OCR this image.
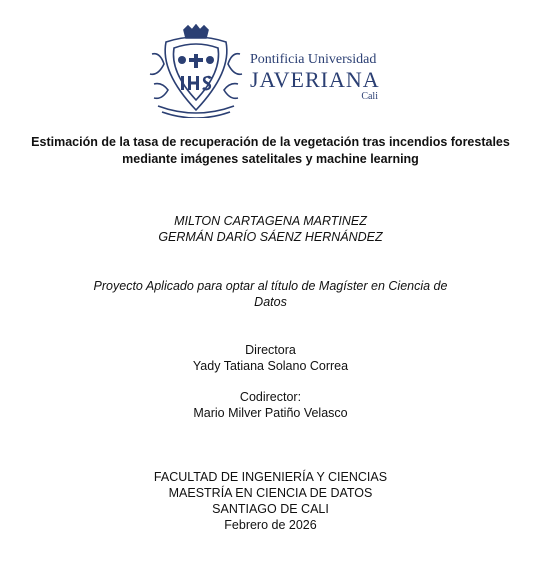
Pontificia Universidad
JAVERIANA
Cali
Estimación de la tasa de recuperación de la vegetación tras incendios forestales
mediante imágenes satelitales y machine learning
MILTON CARTAGENA MARTINEZ
GERMÁN DARÍO SÁENZ HERNÁNDEZ
Proyecto Aplicado para optar al título de Magíster en Ciencia de
Datos
Directora
Yady Tatiana Solano Correa
Codirector:
Mario Milver Patiño Velasco
FACULTAD DE INGENIERÍA Y CIENCIAS
MAESTRÍA EN CIENCIA DE DATOS
SANTIAGO DE CALI
Febrero de 2026
